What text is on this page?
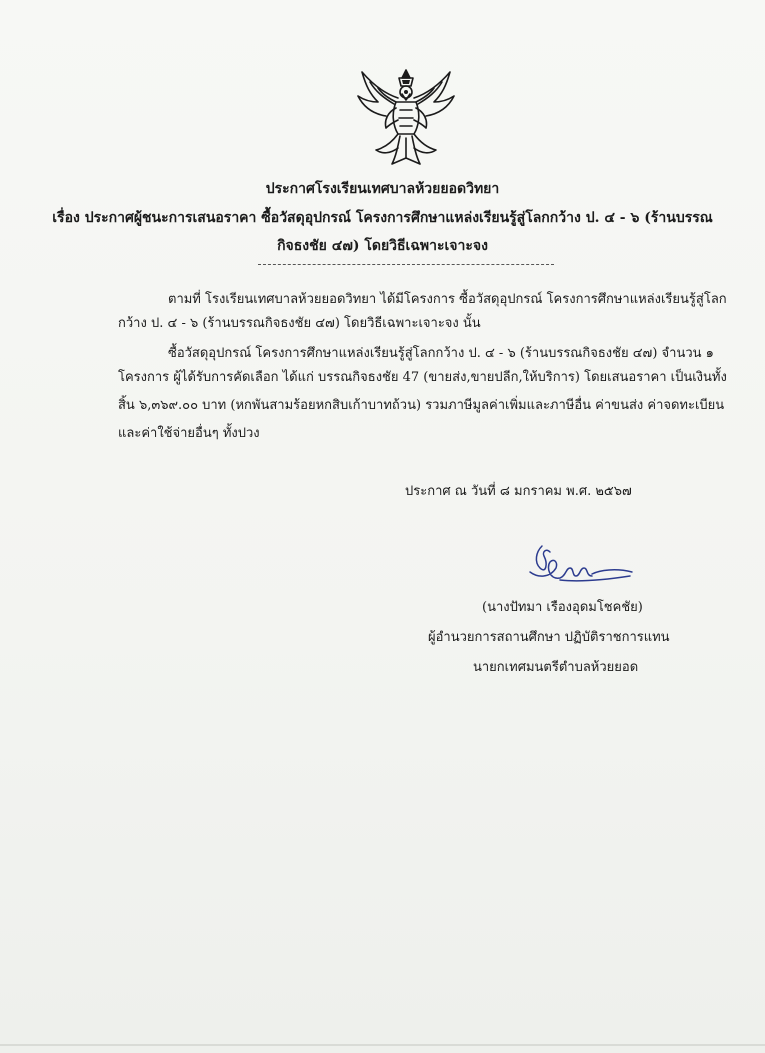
ประกาศโรงเรียนเทศบาลห้วยยอดวิทยา
เรื่อง ประกาศผู้ชนะการเสนอราคา ซื้อวัสดุอุปกรณ์ โครงการศึกษาแหล่งเรียนรู้สู่โลกกว้าง ป. ๔ - ๖ (ร้านบรรณ
กิจธงชัย ๔๗) โดยวิธีเฉพาะเจาะจง
ตามที่ โรงเรียนเทศบาลห้วยยอดวิทยา ได้มีโครงการ ซื้อวัสดุอุปกรณ์ โครงการศึกษาแหล่งเรียนรู้สู่โลก
กว้าง ป. ๔ - ๖ (ร้านบรรณกิจธงชัย ๔๗) โดยวิธีเฉพาะเจาะจง นั้น
ซื้อวัสดุอุปกรณ์ โครงการศึกษาแหล่งเรียนรู้สู่โลกกว้าง ป. ๔ - ๖ (ร้านบรรณกิจธงชัย ๔๗) จำนวน ๑
โครงการ ผู้ได้รับการคัดเลือก ได้แก่ บรรณกิจธงชัย 47 (ขายส่ง,ขายปลีก,ให้บริการ) โดยเสนอราคา เป็นเงินทั้ง
สิ้น ๖,๓๖๙.๐๐ บาท (หกพันสามร้อยหกสิบเก้าบาทถ้วน) รวมภาษีมูลค่าเพิ่มและภาษีอื่น ค่าขนส่ง ค่าจดทะเบียน
และค่าใช้จ่ายอื่นๆ ทั้งปวง
ประกาศ ณ วันที่ ๘ มกราคม พ.ศ. ๒๕๖๗
(นางปัทมา เรืองอุดมโชคชัย)
ผู้อำนวยการสถานศึกษา ปฏิบัติราชการแทน
นายกเทศมนตรีตำบลห้วยยอด
